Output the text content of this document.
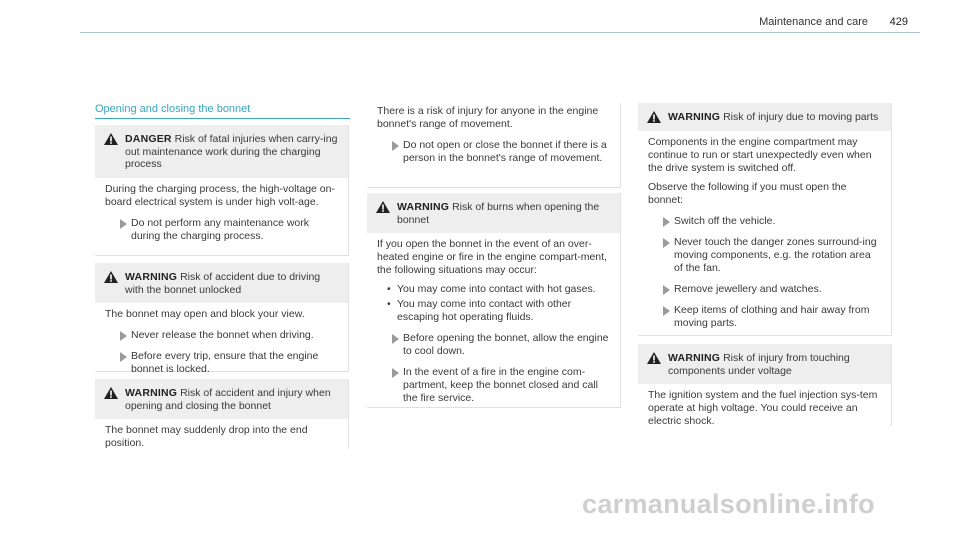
Maintenance and care 429
Opening and closing the bonnet
DANGER Risk of fatal injuries when carry-ing out maintenance work during the charging process

During the charging process, the high-voltage on-board electrical system is under high volt-age.

Do not perform any maintenance work during the charging process.
WARNING Risk of accident due to driving with the bonnet unlocked

The bonnet may open and block your view.

Never release the bonnet when driving.
Before every trip, ensure that the engine bonnet is locked.
WARNING Risk of accident and injury when opening and closing the bonnet

The bonnet may suddenly drop into the end position.

There is a risk of injury for anyone in the engine bonnet's range of movement.

Do not open or close the bonnet if there is a person in the bonnet's range of movement.
WARNING Risk of burns when opening the bonnet

If you open the bonnet in the event of an over-heated engine or fire in the engine compart-ment, the following situations may occur:

• You may come into contact with hot gases.
• You may come into contact with other escaping hot operating fluids.
Before opening the bonnet, allow the engine to cool down.
In the event of a fire in the engine com-partment, keep the bonnet closed and call the fire service.
WARNING Risk of injury due to moving parts

Components in the engine compartment may continue to run or start unexpectedly even when the drive system is switched off.

Observe the following if you must open the bonnet:

Switch off the vehicle.
Never touch the danger zones surround-ing moving components, e.g. the rotation area of the fan.
Remove jewellery and watches.
Keep items of clothing and hair away from moving parts.
WARNING Risk of injury from touching components under voltage

The ignition system and the fuel injection sys-tem operate at high voltage. You could receive an electric shock.

carmanualsonline.info
